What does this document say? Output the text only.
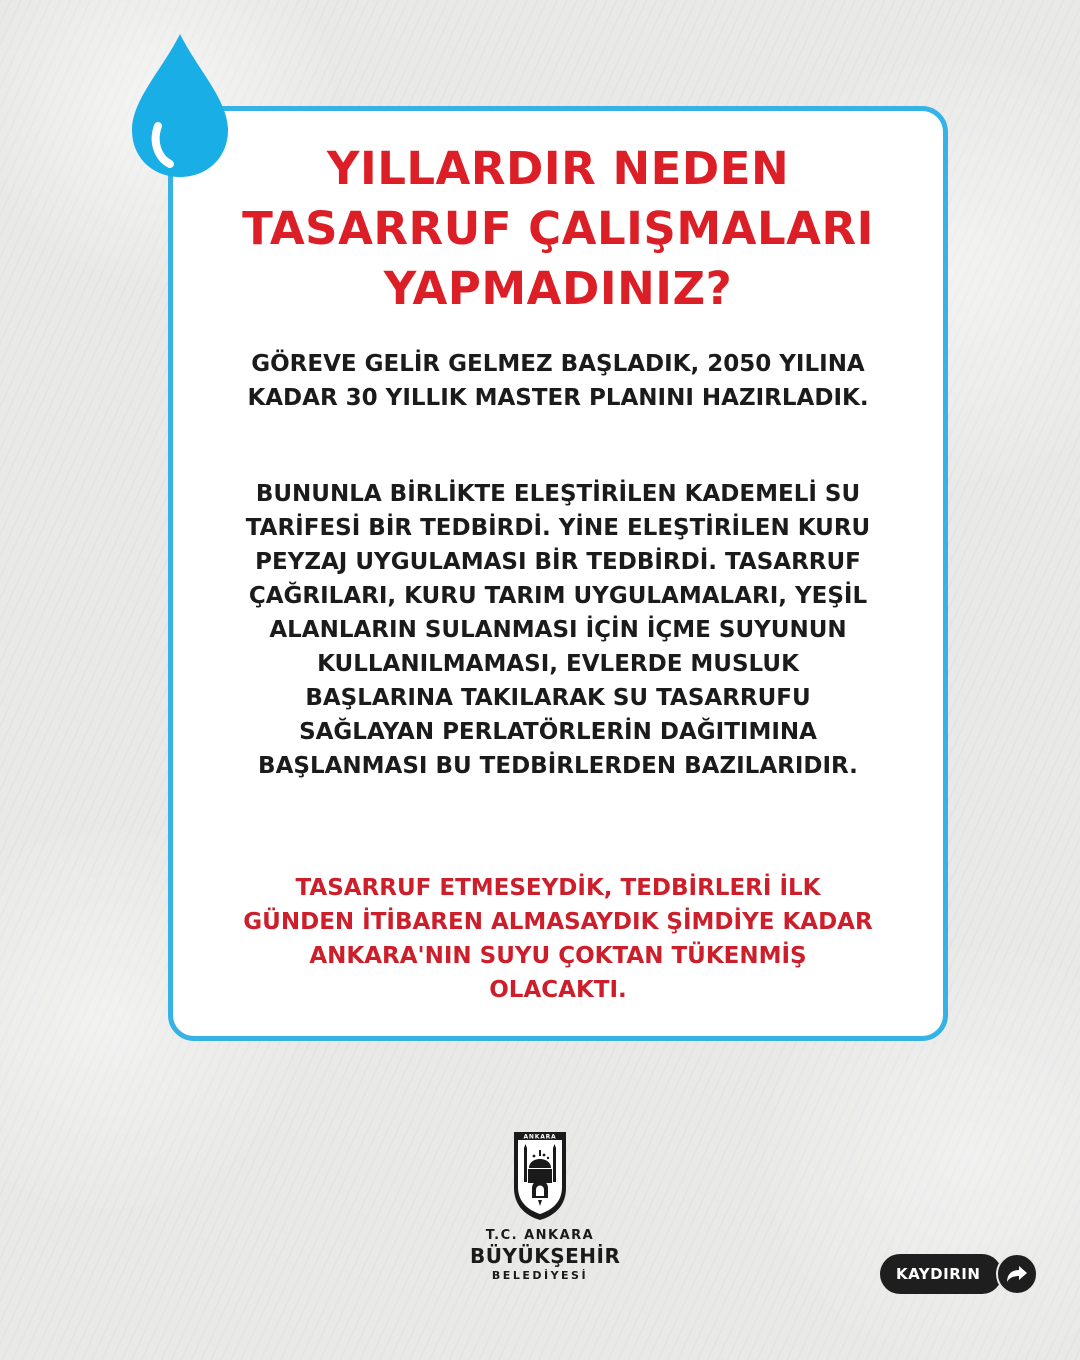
YILLARDIR NEDEN
TASARRUF ÇALIŞMALARI
YAPMADINIZ?

GÖREVE GELİR GELMEZ BAŞLADIK, 2050 YILINA
KADAR 30 YILLIK MASTER PLANINI HAZIRLADIK.

BUNUNLA BİRLİKTE ELEŞTİRİLEN KADEMELİ SU
TARİFESİ BİR TEDBİRDİ. YİNE ELEŞTİRİLEN KURU
PEYZAJ UYGULAMASI BİR TEDBİRDİ. TASARRUF
ÇAĞRILARI, KURU TARIM UYGULAMALARI, YEŞİL
ALANLARIN SULANMASI İÇİN İÇME SUYUNUN
KULLANILMAMASI, EVLERDE MUSLUK
BAŞLARINA TAKILARAK SU TASARRUFU
SAĞLAYAN PERLATÖRLERİN DAĞITIMINA
BAŞLANMASI BU TEDBİRLERDEN BAZILARIDIR.

TASARRUF ETMESEYDİK, TEDBİRLERİ İLK
GÜNDEN İTİBAREN ALMASAYDIK ŞİMDİYE KADAR
ANKARA'NIN SUYU ÇOKTAN TÜKENMİŞ
OLACAKTI.

ANKARA
T.C. ANKARA
BÜYÜKŞEHİR
BELEDİYESİ	KAYDIRIN
